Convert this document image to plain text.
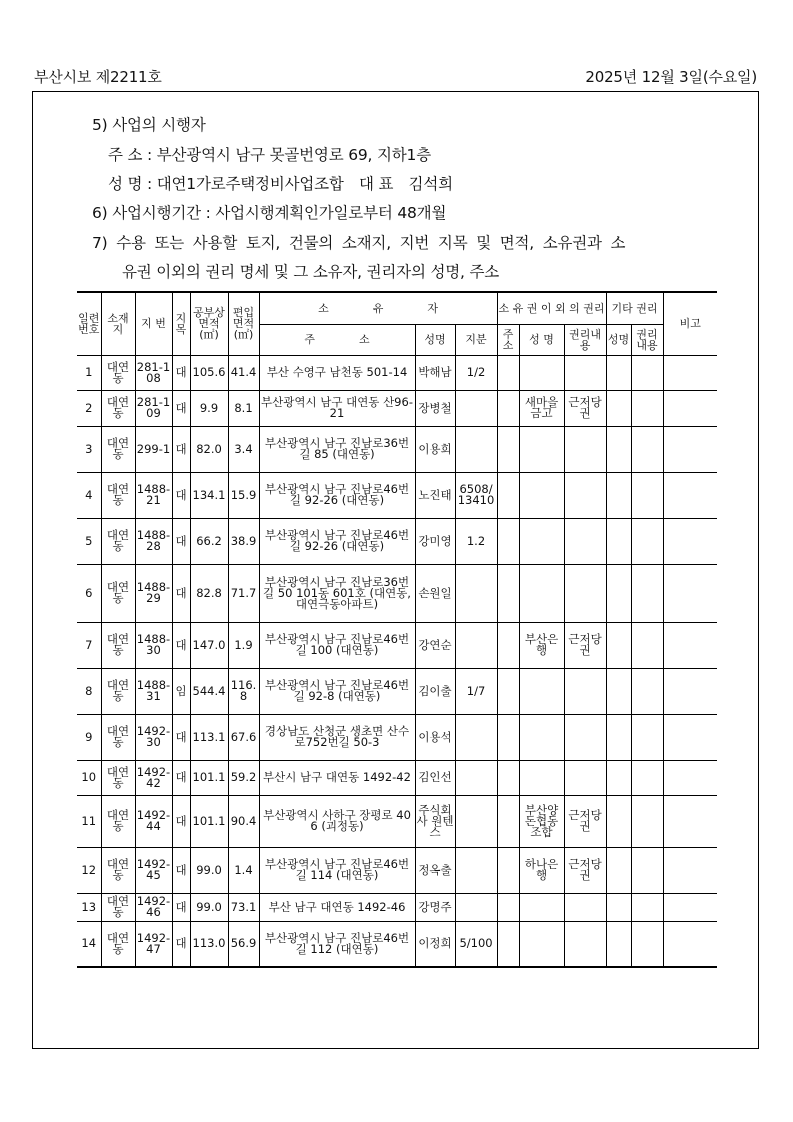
부산시보 제2211호	2025년 12월 3일(수요일)
5) 사업의 시행자
주 소 : 부산광역시 남구 못골번영로 69, 지하1층
성 명 : 대연1가로주택정비사업조합　대 표　김석희
6) 사업시행기간 : 사업시행계획인가일로부터 48개월
7) 수용 또는 사용할 토지, 건물의 소재지, 지번 지목 및 면적, 소유권과 소
유권 이외의 권리 명세 및 그 소유자, 권리자의 성명, 주소
일련번호	소재지	지 번	지목	공부상면적(㎡)	편입면적(㎡)	소　　　　유　　　　자			소 유 권 이 외 의 권리			기타 권리		비고
						주　　　　소	성명	지분	주소	성 명	권리내용	성명	권리내용	
1	대연동	281-108	대	105.6	41.4	부산 수영구 남천동 501-14	박해남	1/2						
2	대연동	281-109	대	9.9	8.1	부산광역시 남구 대연동 산96-21	장병철			새마을금고	근저당권			
3	대연동	299-1	대	82.0	3.4	부산광역시 남구 진남로36번길 85 (대연동)	이용희							
4	대연동	1488-21	대	134.1	15.9	부산광역시 남구 진남로46번길 92-26 (대연동)	노진태	6508/13410						
5	대연동	1488-28	대	66.2	38.9	부산광역시 남구 진남로46번길 92-26 (대연동)	강미영	1.2						
6	대연동	1488-29	대	82.8	71.7	부산광역시 남구 진남로36번길 50 101동 601호 (대연동, 대연극동아파트)	손원일							
7	대연동	1488-30	대	147.0	1.9	부산광역시 남구 진남로46번길 100 (대연동)	강연순			부산은행	근저당권			
8	대연동	1488-31	임	544.4	116.8	부산광역시 남구 진남로46번길 92-8 (대연동)	김이출	1/7						
9	대연동	1492-30	대	113.1	67.6	경상남도 산청군 생초면 산수로752번길 50-3	이용석							
10	대연동	1492-42	대	101.1	59.2	부산시 남구 대연동 1492-42	김인선							
11	대연동	1492-44	대	101.1	90.4	부산광역시 사하구 장평로 406 (괴정동)	주식회사 원텐스			부산양돈협동조합	근저당권			
12	대연동	1492-45	대	99.0	1.4	부산광역시 남구 진남로46번길 114 (대연동)	정옥출			하나은행	근저당권			
13	대연동	1492-46	대	99.0	73.1	부산 남구 대연동 1492-46	강명주							
14	대연동	1492-47	대	113.0	56.9	부산광역시 남구 진남로46번길 112 (대연동)	이정희	5/100						
